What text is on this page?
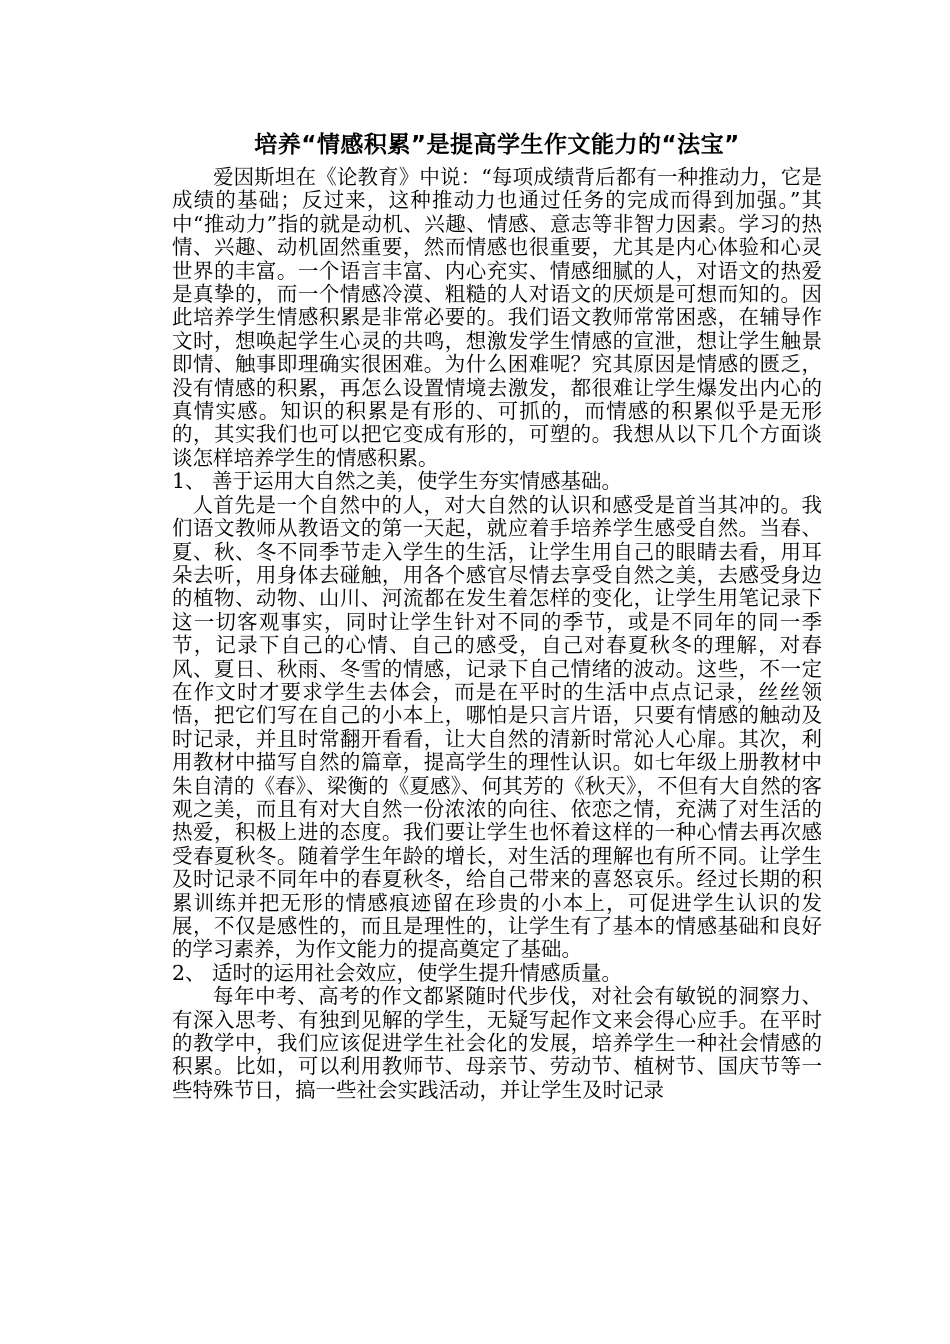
培养“情感积累”是提高学生作文能力的“法宝”

爱因斯坦在《论教育》中说：“每项成绩背后都有一种推动力，它是成绩的基础；反过来，这种推动力也通过任务的完成而得到加强。”其中“推动力”指的就是动机、兴趣、情感、意志等非智力因素。学习的热情、兴趣、动机固然重要，然而情感也很重要，尤其是内心体验和心灵世界的丰富。一个语言丰富、内心充实、情感细腻的人，对语文的热爱是真挚的，而一个情感冷漠、粗糙的人对语文的厌烦是可想而知的。因此培养学生情感积累是非常必要的。我们语文教师常常困惑，在辅导作文时，想唤起学生心灵的共鸣，想激发学生情感的宣泄，想让学生触景即情、触事即理确实很困难。为什么困难呢？究其原因是情感的匮乏，没有情感的积累，再怎么设置情境去激发，都很难让学生爆发出内心的真情实感。知识的积累是有形的、可抓的，而情感的积累似乎是无形的，其实我们也可以把它变成有形的，可塑的。我想从以下几个方面谈谈怎样培养学生的情感积累。

1、 善于运用大自然之美，使学生夯实情感基础。

人首先是一个自然中的人，对大自然的认识和感受是首当其冲的。我们语文教师从教语文的第一天起，就应着手培养学生感受自然。当春、夏、秋、冬不同季节走入学生的生活，让学生用自己的眼睛去看，用耳朵去听，用身体去碰触，用各个感官尽情去享受自然之美，去感受身边的植物、动物、山川、河流都在发生着怎样的变化，让学生用笔记录下这一切客观事实，同时让学生针对不同的季节，或是不同年的同一季节，记录下自己的心情、自己的感受，自己对春夏秋冬的理解，对春风、夏日、秋雨、冬雪的情感，记录下自己情绪的波动。这些，不一定在作文时才要求学生去体会，而是在平时的生活中点点记录，丝丝领悟，把它们写在自己的小本上，哪怕是只言片语，只要有情感的触动及时记录，并且时常翻开看看，让大自然的清新时常沁人心扉。其次，利用教材中描写自然的篇章，提高学生的理性认识。如七年级上册教材中朱自清的《春》、梁衡的《夏感》、何其芳的《秋天》，不但有大自然的客观之美，而且有对大自然一份浓浓的向往、依恋之情，充满了对生活的热爱，积极上进的态度。我们要让学生也怀着这样的一种心情去再次感受春夏秋冬。随着学生年龄的增长，对生活的理解也有所不同。让学生及时记录不同年中的春夏秋冬，给自己带来的喜怒哀乐。经过长期的积累训练并把无形的情感痕迹留在珍贵的小本上，可促进学生认识的发展，不仅是感性的，而且是理性的，让学生有了基本的情感基础和良好的学习素养，为作文能力的提高奠定了基础。

2、 适时的运用社会效应，使学生提升情感质量。

每年中考、高考的作文都紧随时代步伐，对社会有敏锐的洞察力、有深入思考、有独到见解的学生，无疑写起作文来会得心应手。在平时的教学中，我们应该促进学生社会化的发展，培养学生一种社会情感的积累。比如，可以利用教师节、母亲节、劳动节、植树节、国庆节等一些特殊节日，搞一些社会实践活动，并让学生及时记录
